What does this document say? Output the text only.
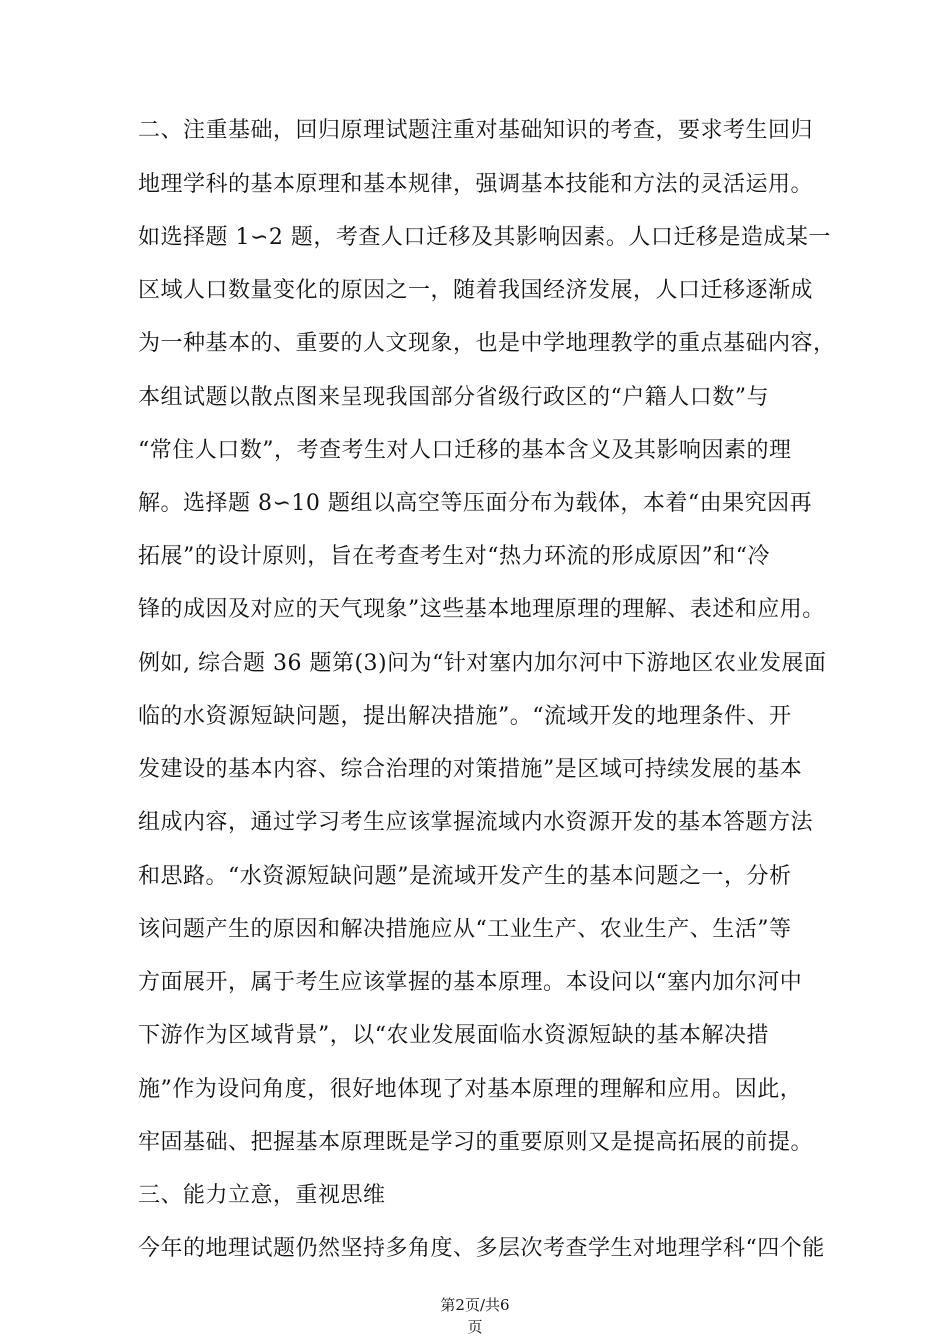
二、注重基础，回归原理试题注重对基础知识的考查，要求考生回归
地理学科的基本原理和基本规律，强调基本技能和方法的灵活运用。
如选择题 1∽2 题，考查人口迁移及其影响因素。人口迁移是造成某一
区域人口数量变化的原因之一，随着我国经济发展，人口迁移逐渐成
为一种基本的、重要的人文现象，也是中学地理教学的重点基础内容，
本组试题以散点图来呈现我国部分省级行政区的“户籍人口数”与
“常住人口数”，考查考生对人口迁移的基本含义及其影响因素的理
解。选择题 8∽10 题组以高空等压面分布为载体，本着“由果究因再
拓展”的设计原则，旨在考查考生对“热力环流的形成原因”和“冷
锋的成因及对应的天气现象”这些基本地理原理的理解、表述和应用。
例如, 综合题 36 题第(3)问为“针对塞内加尔河中下游地区农业发展面
临的水资源短缺问题，提出解决措施”。“流域开发的地理条件、开
发建设的基本内容、综合治理的对策措施”是区域可持续发展的基本
组成内容，通过学习考生应该掌握流域内水资源开发的基本答题方法
和思路。“水资源短缺问题”是流域开发产生的基本问题之一，分析
该问题产生的原因和解决措施应从“工业生产、农业生产、生活”等
方面展开，属于考生应该掌握的基本原理。本设问以“塞内加尔河中
下游作为区域背景”，以“农业发展面临水资源短缺的基本解决措
施”作为设问角度，很好地体现了对基本原理的理解和应用。因此，
牢固基础、把握基本原理既是学习的重要原则又是提高拓展的前提。
三、能力立意，重视思维
今年的地理试题仍然坚持多角度、多层次考查学生对地理学科“四个能
第2页/共6
页
